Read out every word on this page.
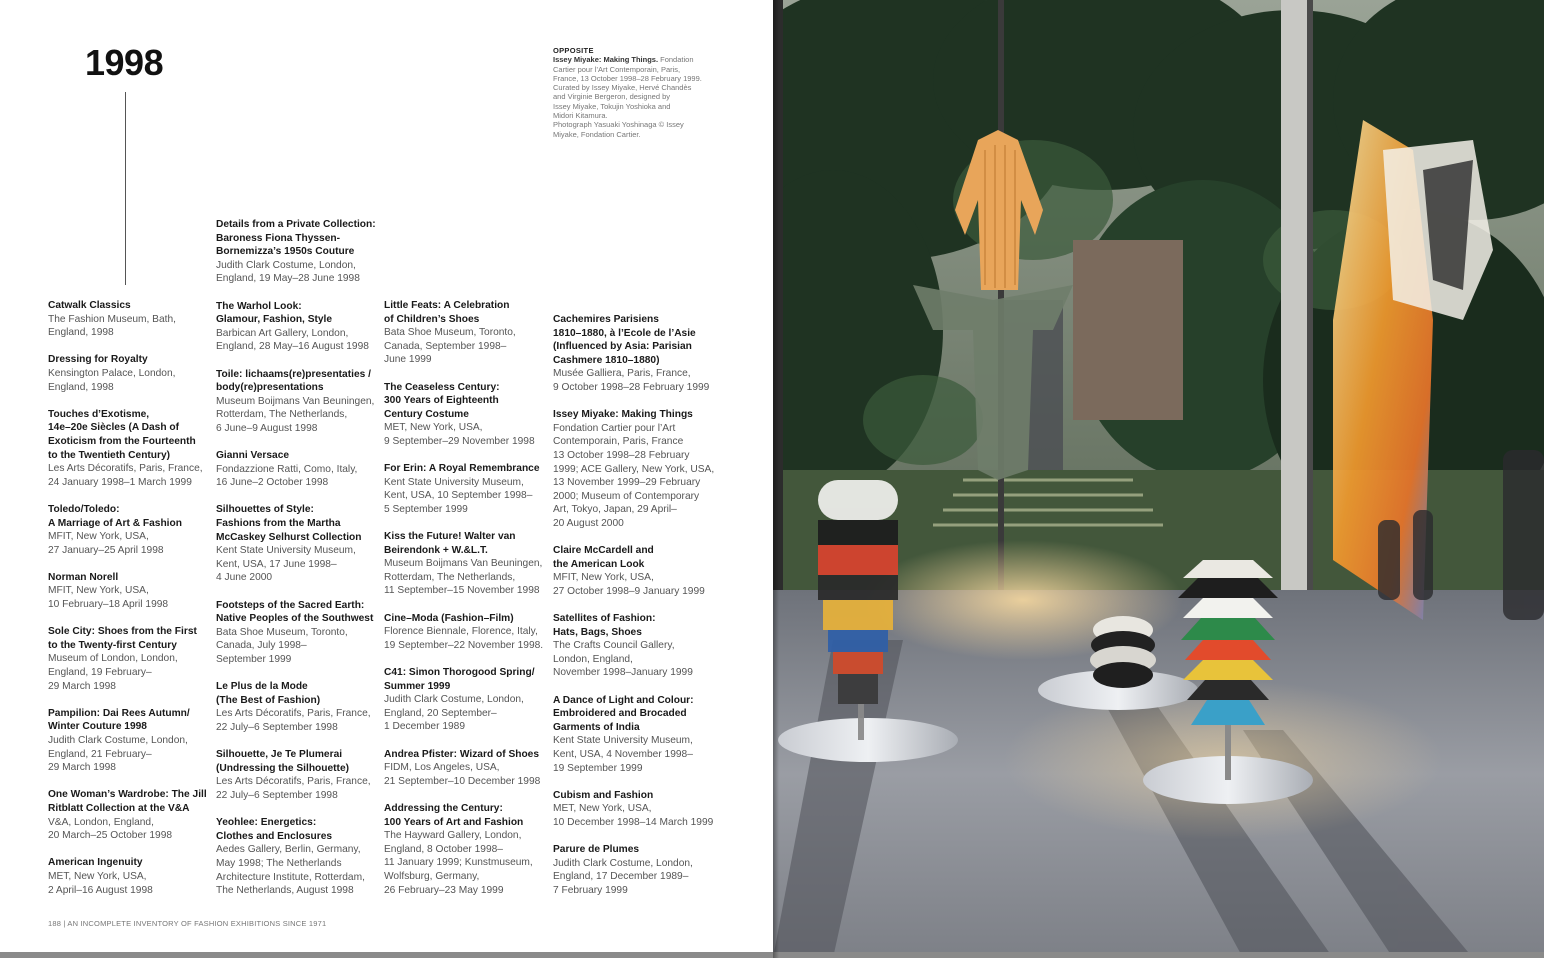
1998	OPPOSITE
Issey Miyake: Making Things. Fondation
Cartier pour l’Art Contemporain, Paris,
France, 13 October 1998–28 February 1999.
Curated by Issey Miyake, Hervé Chandès
and Virginie Bergeron, designed by
Issey Miyake, Tokujin Yoshioka and
Midori Kitamura.
Photograph Yasuaki Yoshinaga © Issey
Miyake, Fondation Cartier.
Catwalk Classics
The Fashion Museum, Bath,
England, 1998
Dressing for Royalty
Kensington Palace, London,
England, 1998
Touches d’Exotisme,
14e–20e Siècles (A Dash of
Exoticism from the Fourteenth
to the Twentieth Century)
Les Arts Décoratifs, Paris, France,
24 January 1998–1 March 1999
Toledo/Toledo:
A Marriage of Art & Fashion
MFIT, New York, USA,
27 January–25 April 1998
Norman Norell
MFIT, New York, USA,
10 February–18 April 1998
Sole City: Shoes from the First
to the Twenty-first Century
Museum of London, London,
England, 19 February–
29 March 1998
Pampilion: Dai Rees Autumn/
Winter Couture 1998
Judith Clark Costume, London,
England, 21 February–
29 March 1998
One Woman’s Wardrobe: The Jill
Ritblatt Collection at the V&A
V&A, London, England,
20 March–25 October 1998
American Ingenuity
MET, New York, USA,
2 April–16 August 1998
Details from a Private Collection:
Baroness Fiona Thyssen-
Bornemizza’s 1950s Couture
Judith Clark Costume, London,
England, 19 May–28 June 1998
The Warhol Look:
Glamour, Fashion, Style
Barbican Art Gallery, London,
England, 28 May–16 August 1998
Toile: lichaams(re)presentaties /
body(re)presentations
Museum Boijmans Van Beuningen,
Rotterdam, The Netherlands,
6 June–9 August 1998
Gianni Versace
Fondazzione Ratti, Como, Italy,
16 June–2 October 1998
Silhouettes of Style:
Fashions from the Martha
McCaskey Selhurst Collection
Kent State University Museum,
Kent, USA, 17 June 1998–
4 June 2000
Footsteps of the Sacred Earth:
Native Peoples of the Southwest
Bata Shoe Museum, Toronto,
Canada, July 1998–
September 1999
Le Plus de la Mode
(The Best of Fashion)
Les Arts Décoratifs, Paris, France,
22 July–6 September 1998
Silhouette, Je Te Plumerai
(Undressing the Silhouette)
Les Arts Décoratifs, Paris, France,
22 July–6 September 1998
Yeohlee: Energetics:
Clothes and Enclosures
Aedes Gallery, Berlin, Germany,
May 1998; The Netherlands
Architecture Institute, Rotterdam,
The Netherlands, August 1998
Little Feats: A Celebration
of Children’s Shoes
Bata Shoe Museum, Toronto,
Canada, September 1998–
June 1999
The Ceaseless Century:
300 Years of Eighteenth
Century Costume
MET, New York, USA,
9 September–29 November 1998
For Erin: A Royal Remembrance
Kent State University Museum,
Kent, USA, 10 September 1998–
5 September 1999
Kiss the Future! Walter van
Beirendonk + W.&L.T.
Museum Boijmans Van Beuningen,
Rotterdam, The Netherlands,
11 September–15 November 1998
Cine–Moda (Fashion–Film)
Florence Biennale, Florence, Italy,
19 September–22 November 1998.
C41: Simon Thorogood Spring/
Summer 1999
Judith Clark Costume, London,
England, 20 September–
1 December 1989
Andrea Pfister: Wizard of Shoes
FIDM, Los Angeles, USA,
21 September–10 December 1998
Addressing the Century:
100 Years of Art and Fashion
The Hayward Gallery, London,
England, 8 October 1998–
11 January 1999; Kunstmuseum,
Wolfsburg, Germany,
26 February–23 May 1999
Cachemires Parisiens
1810–1880, à l’Ecole de l’Asie
(Influenced by Asia: Parisian
Cashmere 1810–1880)
Musée Galliera, Paris, France,
9 October 1998–28 February 1999
Issey Miyake: Making Things
Fondation Cartier pour l’Art
Contemporain, Paris, France
13 October 1998–28 February
1999; ACE Gallery, New York, USA,
13 November 1999–29 February
2000; Museum of Contemporary
Art, Tokyo, Japan, 29 April–
20 August 2000
Claire McCardell and
the American Look
MFIT, New York, USA,
27 October 1998–9 January 1999
Satellites of Fashion:
Hats, Bags, Shoes
The Crafts Council Gallery,
London, England,
November 1998–January 1999
A Dance of Light and Colour:
Embroidered and Brocaded
Garments of India
Kent State University Museum,
Kent, USA, 4 November 1998–
19 September 1999
Cubism and Fashion
MET, New York, USA,
10 December 1998–14 March 1999
Parure de Plumes
Judith Clark Costume, London,
England, 17 December 1989–
7 February 1999
188 | AN INCOMPLETE INVENTORY OF FASHION EXHIBITIONS SINCE 1971
